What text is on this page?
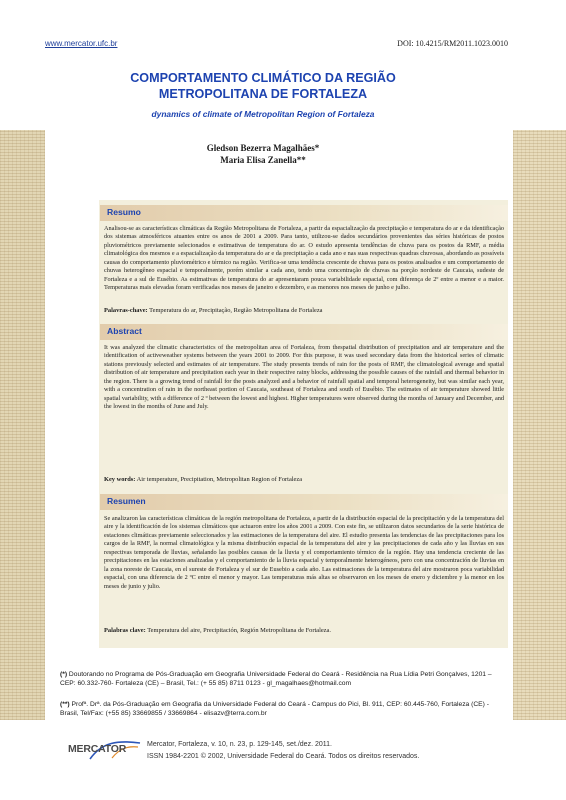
www.mercator.ufc.br	DOI: 10.4215/RM2011.1023.0010
COMPORTAMENTO CLIMÁTICO DA REGIÃO
METROPOLITANA DE FORTALEZA
dynamics of climate of Metropolitan Region of Fortaleza
Gledson Bezerra Magalhães*
Maria Elisa Zanella**
Resumo
Analisou-se as características climáticas da Região Metropolitana de Fortaleza, a partir da espacialização da precipitação e temperatura do ar e da identificação dos sistemas atmosféricos atuantes entre os anos de 2001 a 2009. Para tanto, utilizou-se dados secundários provenientes das séries históricas de postos pluviométricos previamente selecionados e estimativas de temperatura do ar. O estudo apresenta tendências de chuva para os postos da RMF, a média climatológica dos mesmos e a espacialização da temperatura do ar e da precipitação a cada ano e nas suas respectivas quadras chuvosas, abordando as possíveis causas do comportamento pluviométrico e térmico na região. Verifica-se uma tendência crescente de chuvas para os postos analisados e um comportamento de chuvas heterogêneo espacial e temporalmente, porém similar a cada ano, tendo uma concentração de chuvas na porção nordeste de Caucaia, sudeste de Fortaleza e a sul de Eusébio. As estimativas de temperatura do ar apresentaram pouca variabilidade espacial, com diferença de 2º entre a menor e a maior. Temperaturas mais elevadas foram verificadas nos meses de janeiro e dezembro, e as menores nos meses de junho e julho.
Palavras-chave: Temperatura do ar, Precipitação, Região Metropolitana de Fortaleza
Abstract
It was analyzed the climatic characteristics of the metropolitan area of Fortaleza, from thespatial distribution of precipitation and air temperature and the identification of activeweather systems between the years 2001 to 2009. For this purpose, it was used secondary data from the historical series of climatic stations previously selected and estimates of air temperature. The study presents trends of rain for the posts of RMF, the climatological average and spatial distribution of air temperature and precipitation each year in their respective rainy blocks, addressing the possible causes of the rainfall and thermal behavior in the region. There is a growing trend of rainfall for the posts analyzed and a behavior of rainfall spatial and temporal heterogeneity, but was similar each year, with a concentration of rain in the northeast portion of Caucaia, southeast of Fortaleza and south of Eusébio. The estimates of air temperature showed little spatial variability, with a difference of 2 º between the lowest and highest. Higher temperatures were observed during the months of January and December, and the lowest in the months of June and July.
Key words: Air temperature, Precipitation, Metropolitan Region of Fortaleza
Resumen
Se analizaron las características climáticas de la región metropolitana de Fortaleza, a partir de la distribución espacial de la precipitación y de la temperatura del aire y la identificación de los sistemas climáticos que actuaron entre los años 2001 a 2009. Con este fin, se utilizaron datos secundarios de la serie histórica de estaciones climáticas previamente seleccionados y las estimaciones de la temperatura del aire. El estudio presenta las tendencias de las precipitaciones para los cargos de la RMF, la normal climatológica y la misma distribución espacial de la temperatura del aire y las precipitaciones de cada año y las lluvias en sus respectivas temporada de lluvias, señalando las posibles causas de la lluvia y el comportamiento térmico de la región. Hay una tendencia creciente de las precipitaciones en las estaciones analizadas y el comportamiento de la lluvia espacial y temporalmente heterogéneos, pero con una concentración de lluvias en la zona noreste de Caucaia, en el sureste de Fortaleza y el sur de Eusebio a cada año. Las estimaciones de la temperatura del aire mostraron poca variabilidad espacial, con una diferencia de 2 ºC entre el menor y mayor. Las temperaturas más altas se observaron en los meses de enero y diciembre y la menor en los meses de junio y julio.
Palabras clave: Temperatura del aire, Precipitación, Región Metropolitana de Fortaleza.
(*) Doutorando no Programa de Pós-Graduação em Geografia Universidade Federal do Ceará - Residência na Rua Lídia Petri Gonçalves, 1201 – CEP: 60.332-760- Fortaleza (CE) – Brasil, Tel.: (+ 55 85) 8711 0123 - gl_magalhaes@hotmail.com
(**) Profª. Drª. da Pós-Graduação em Geografia da Universidade Federal do Ceará - Campus do Pici, Bl. 911, CEP: 60.445-760, Fortaleza (CE) - Brasil, Tel/Fax: (+55 85) 33669855 / 33669864 - elisazv@terra.com.br
MERCATOR	Mercator, Fortaleza, v. 10, n. 23, p. 129-145, set./dez. 2011.
ISSN 1984-2201 © 2002, Universidade Federal do Ceará. Todos os direitos reservados.
